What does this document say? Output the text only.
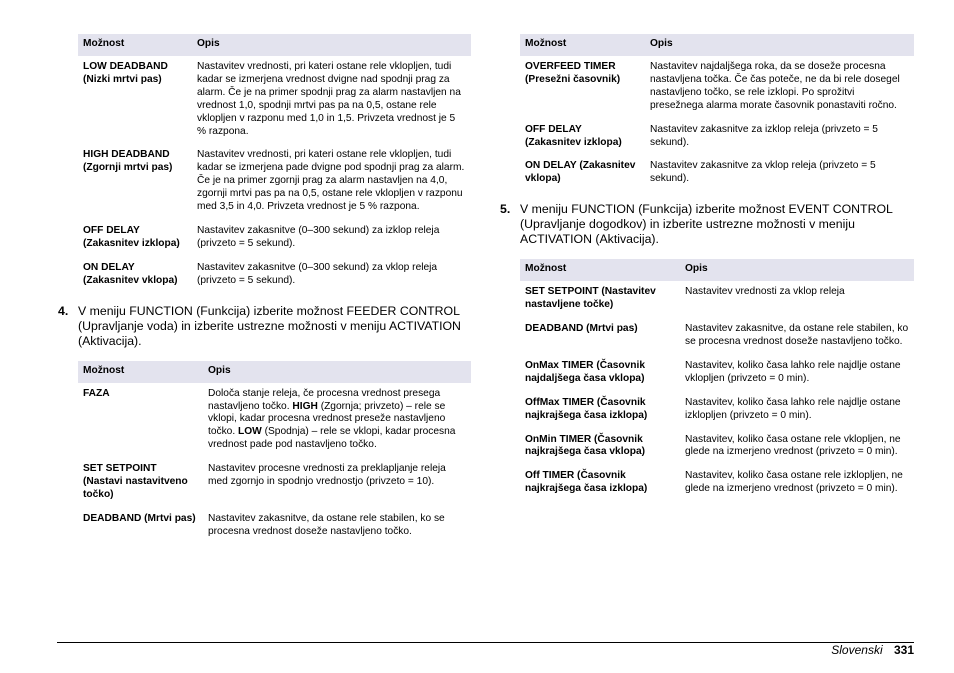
Možnost	Opis
LOW DEADBAND (Nizki mrtvi pas)	Nastavitev vrednosti, pri kateri ostane rele vklopljen, tudi kadar se izmerjena vrednost dvigne nad spodnji prag za alarm. Če je na primer spodnji prag za alarm nastavljen na vrednost 1,0, spodnji mrtvi pas pa na 0,5, ostane rele vklopljen v razponu med 1,0 in 1,5. Privzeta vrednost je 5 % razpona.
HIGH DEADBAND (Zgornji mrtvi pas)	Nastavitev vrednosti, pri kateri ostane rele vklopljen, tudi kadar se izmerjena pade dvigne pod spodnji prag za alarm. Če je na primer zgornji prag za alarm nastavljen na 4,0, zgornji mrtvi pas pa na 0,5, ostane rele vklopljen v razponu med 3,5 in 4,0. Privzeta vrednost je 5 % razpona.
OFF DELAY (Zakasnitev izklopa)	Nastavitev zakasnitve (0–300 sekund) za izklop releja (privzeto = 5 sekund).
ON DELAY (Zakasnitev vklopa)	Nastavitev zakasnitve (0–300 sekund) za vklop releja (privzeto = 5 sekund).
4. V meniju FUNCTION (Funkcija) izberite možnost FEEDER CONTROL (Upravljanje voda) in izberite ustrezne možnosti v meniju ACTIVATION (Aktivacija).
Možnost	Opis
FAZA	Določa stanje releja, če procesna vrednost presega nastavljeno točko. HIGH (Zgornja; privzeto) – rele se vklopi, kadar procesna vrednost preseže nastavljeno točko. LOW (Spodnja) – rele se vklopi, kadar procesna vrednost pade pod nastavljeno točko.
SET SETPOINT (Nastavi nastavitveno točko)	Nastavitev procesne vrednosti za preklapljanje releja med zgornjo in spodnjo vrednostjo (privzeto = 10).
DEADBAND (Mrtvi pas)	Nastavitev zakasnitve, da ostane rele stabilen, ko se procesna vrednost doseže nastavljeno točko.
Možnost	Opis
OVERFEED TIMER (Presežni časovnik)	Nastavitev najdaljšega roka, da se doseže procesna nastavljena točka. Če čas poteče, ne da bi rele dosegel nastavljeno točko, se rele izklopi. Po sprožitvi presežnega alarma morate časovnik ponastaviti ročno.
OFF DELAY (Zakasnitev izklopa)	Nastavitev zakasnitve za izklop releja (privzeto = 5 sekund).
ON DELAY (Zakasnitev vklopa)	Nastavitev zakasnitve za vklop releja (privzeto = 5 sekund).
5. V meniju FUNCTION (Funkcija) izberite možnost EVENT CONTROL (Upravljanje dogodkov) in izberite ustrezne možnosti v meniju ACTIVATION (Aktivacija).
Možnost	Opis
SET SETPOINT (Nastavitev nastavljene točke)	Nastavitev vrednosti za vklop releja
DEADBAND (Mrtvi pas)	Nastavitev zakasnitve, da ostane rele stabilen, ko se procesna vrednost doseže nastavljeno točko.
OnMax TIMER (Časovnik najdaljšega časa vklopa)	Nastavitev, koliko časa lahko rele najdlje ostane vklopljen (privzeto = 0 min).
OffMax TIMER (Časovnik najkrajšega časa izklopa)	Nastavitev, koliko časa lahko rele najdlje ostane izklopljen (privzeto = 0 min).
OnMin TIMER (Časovnik najkrajšega časa vklopa)	Nastavitev, koliko časa ostane rele vklopljen, ne glede na izmerjeno vrednost (privzeto = 0 min).
Off TIMER (Časovnik najkrajšega časa izklopa)	Nastavitev, koliko časa ostane rele izklopljen, ne glede na izmerjeno vrednost (privzeto = 0 min).
Slovenski 331
